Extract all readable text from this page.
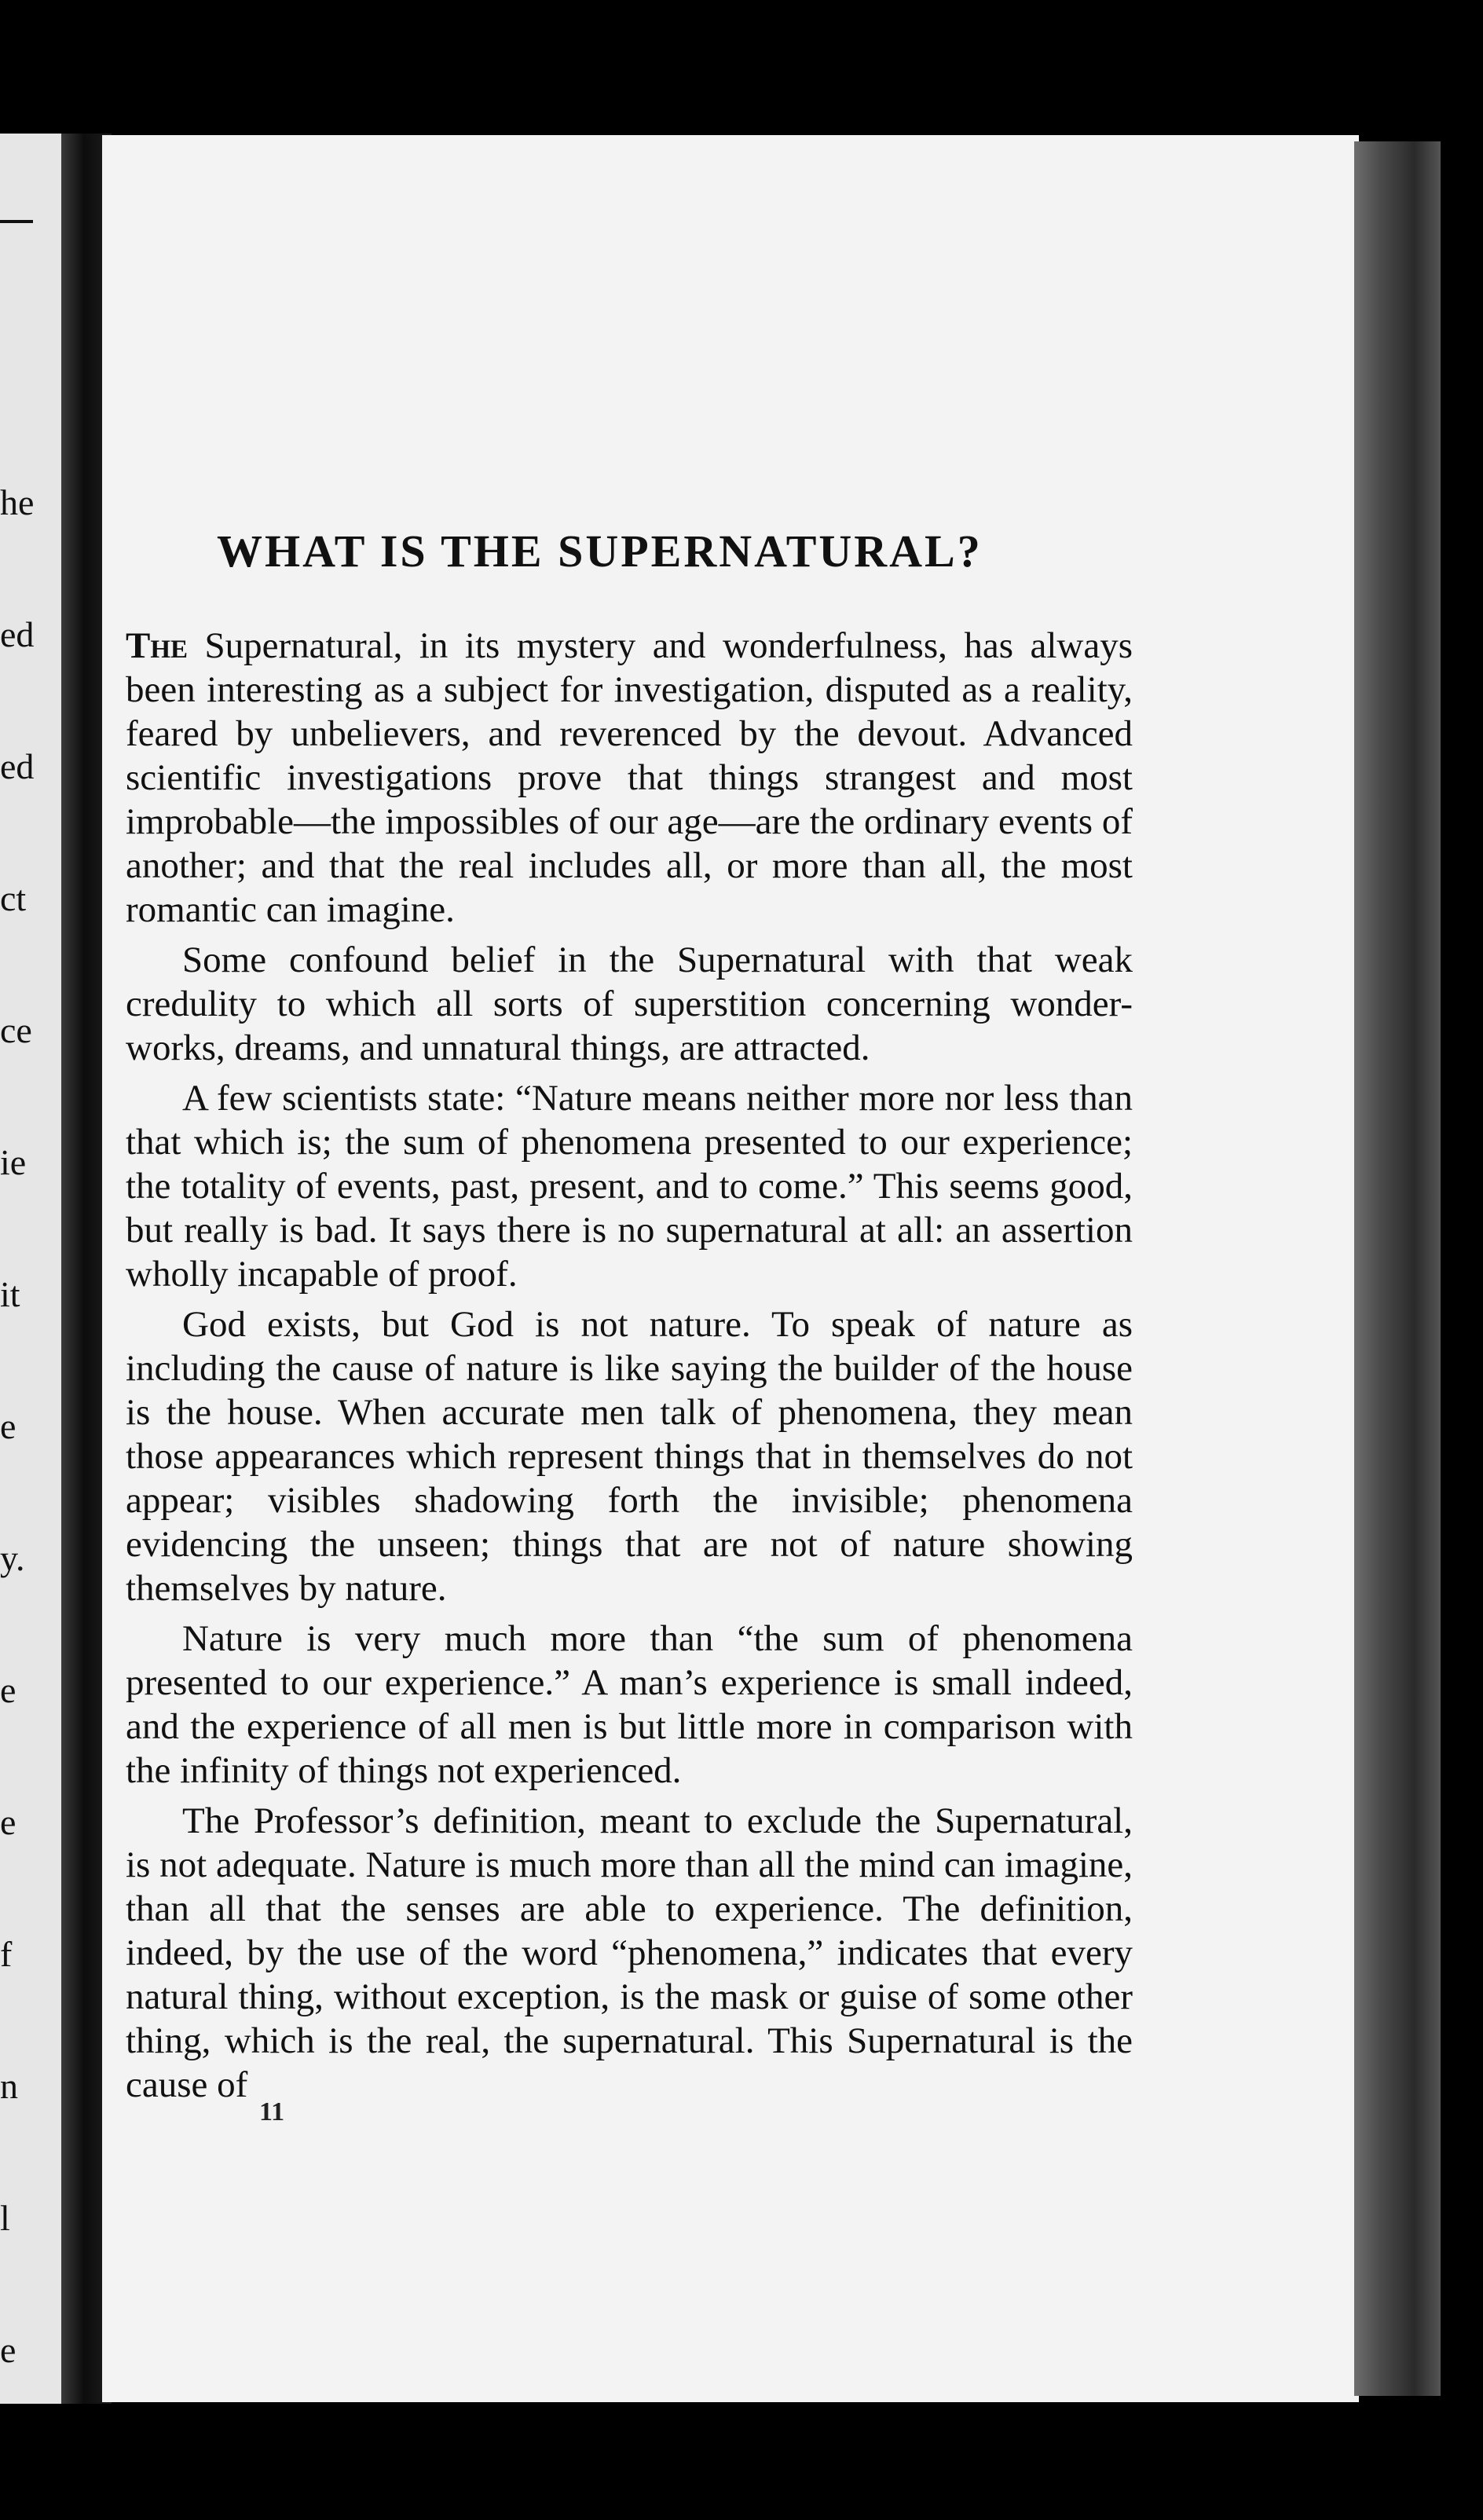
he

ed

ed

ct

ce

ie

it

e

y.

e

e

f

n

l

e

WHAT IS THE SUPERNATURAL?

The Supernatural, in its mystery and wonderfulness, has always been interesting as a subject for investigation, disputed as a reality, feared by unbelievers, and reverenced by the devout. Advanced scientific investigations prove that things strangest and most improbable—the impossibles of our age—are the ordinary events of another; and that the real includes all, or more than all, the most romantic can imagine.

Some confound belief in the Supernatural with that weak credulity to which all sorts of superstition concerning wonder-works, dreams, and unnatural things, are attracted.

A few scientists state: “Nature means neither more nor less than that which is; the sum of phenomena presented to our experience; the totality of events, past, present, and to come.” This seems good, but really is bad. It says there is no supernatural at all: an assertion wholly incapable of proof.

God exists, but God is not nature. To speak of nature as including the cause of nature is like saying the builder of the house is the house. When accurate men talk of phenomena, they mean those appearances which represent things that in themselves do not appear; visibles shadowing forth the invisible; phenomena evidencing the unseen; things that are not of nature showing themselves by nature.

Nature is very much more than “the sum of phenomena presented to our experience.” A man’s experience is small indeed, and the experience of all men is but little more in comparison with the infinity of things not experienced.

The Professor’s definition, meant to exclude the Supernatural, is not adequate. Nature is much more than all the mind can imagine, than all that the senses are able to experience. The definition, indeed, by the use of the word “phenomena,” indicates that every natural thing, without exception, is the mask or guise of some other thing, which is the real, the supernatural. This Supernatural is the cause of

11
